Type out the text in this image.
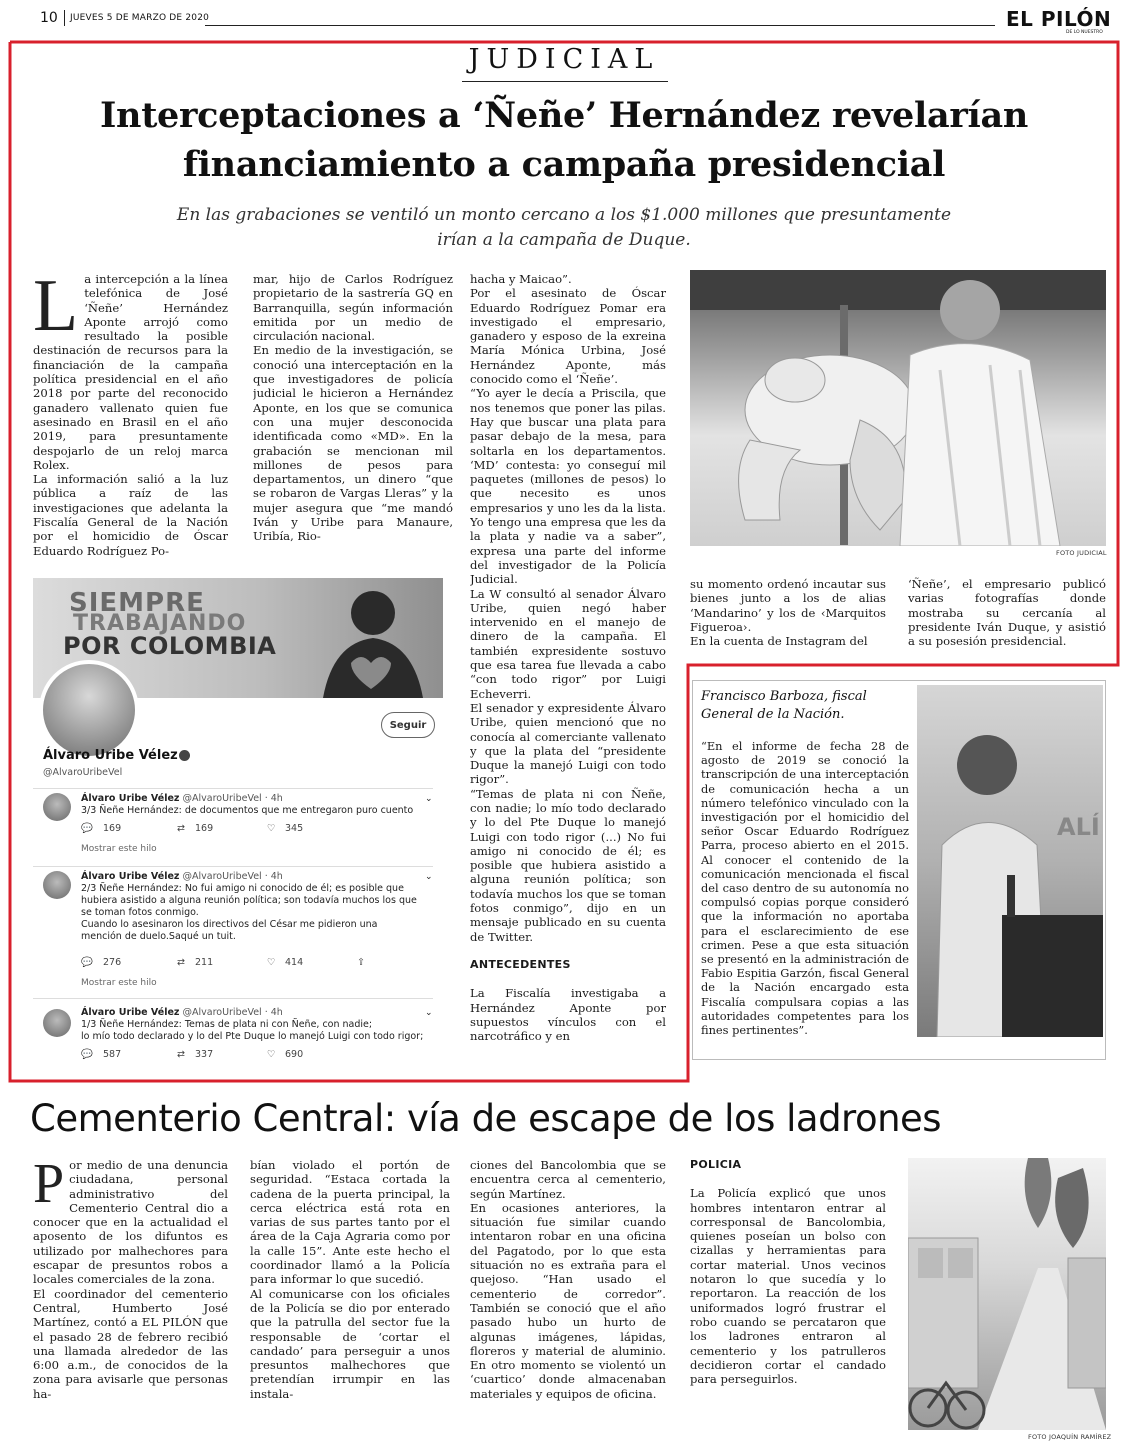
10 JUEVES 5 DE MARZO DE 2020	EL PILÓN
DE LO NUESTRO
JUDICIAL
Interceptaciones a ‘Ñeñe’ Hernández revelarían
financiamiento a campaña presidencial
En las grabaciones se ventiló un monto cercano a los $1.000 millones que presuntamente
irían a la campaña de Duque.
L a intercepción a la línea telefónica de José ‘Ñeñe’ Hernández Aponte arrojó como resultado la posible destinación de recursos para la financiación de la campaña política presidencial en el año 2018 por parte del reconocido ganadero vallenato quien fue asesinado en Brasil en el año 2019, para presuntamente despojarlo de un reloj marca Rolex.

La información salió a la luz pública a raíz de las investigaciones que adelanta la Fiscalía General de la Nación por el homicidio de Óscar Eduardo Rodríguez Po-

mar, hijo de Carlos Rodríguez propietario de la sastrería GQ en Barranquilla, según información emitida por un medio de circulación nacional.

En medio de la investigación, se conoció una interceptación en la que investigadores de policía judicial le hicieron a Hernández Aponte, en los que se comunica con una mujer desconocida identificada como «MD». En la grabación se mencionan mil millones de pesos para departamentos, un dinero “que se robaron de Vargas Lleras” y la mujer asegura que “me mandó Iván y Uribe para Manaure, Uribía, Rio-

hacha y Maicao”.

Por el asesinato de Óscar Eduardo Rodríguez Pomar era investigado el empresario, ganadero y esposo de la exreina María Mónica Urbina, José Hernández Aponte, más conocido como el ‘Ñeñe’.

“Yo ayer le decía a Priscila, que nos tenemos que poner las pilas. Hay que buscar una plata para pasar debajo de la mesa, para soltarla en los departamentos. ‘MD’ contesta: yo conseguí mil paquetes (millones de pesos) lo que necesito es unos empresarios y uno les da la lista. Yo tengo una empresa que les da la plata y nadie va a saber”, expresa una parte del informe del investigador de la Policía Judicial.

La W consultó al senador Álvaro Uribe, quien negó haber intervenido en el manejo de dinero de la campaña. El también expresidente sostuvo que esa tarea fue llevada a cabo “con todo rigor” por Luigi Echeverri.

El senador y expresidente Álvaro Uribe, quien mencionó que no conocía al comerciante vallenato y que la plata del “presidente Duque la manejó Luigi con todo rigor”.

“Temas de plata ni con Ñeñe, con nadie; lo mío todo declarado y lo del Pte Duque lo manejó Luigi con todo rigor (...) No fui amigo ni conocido de él; es posible que hubiera asistido a alguna reunión política; son todavía muchos los que se toman fotos conmigo”, dijo en un mensaje publicado en su cuenta de Twitter.

ANTECEDENTES

La Fiscalía investigaba a Hernández Aponte por supuestos vínculos con el narcotráfico y en

FOTO JUDICIAL

su momento ordenó incautar sus bienes junto a los de alias ‘Mandarino’ y los de ‹Marquitos Figueroa›.

En la cuenta de Instagram del

‘Ñeñe’, el empresario publicó varias fotografías donde mostraba su cercanía al presidente Iván Duque, y asistió a su posesión presidencial.

SIEMPRE
TRABAJANDO
POR COLOMBIA
Seguir
Álvaro Uribe Vélez
@AlvaroUribeVel
Álvaro Uribe Vélez @AlvaroUribeVel · 4h
3/3 Ñeñe Hernández: de documentos que me entregaron puro cuento
💬 169	⇄ 169	♡ 345
Mostrar este hilo
⌄
Álvaro Uribe Vélez @AlvaroUribeVel · 4h
2/3 Ñeñe Hernández: No fui amigo ni conocido de él; es posible que hubiera asistido a alguna reunión política; son todavía muchos los que se toman fotos conmigo.
Cuando lo asesinaron los directivos del César me pidieron una mención de duelo.Saqué un tuit.
💬 276	⇄ 211	♡ 414	⇪
Mostrar este hilo
⌄
Álvaro Uribe Vélez @AlvaroUribeVel · 4h
1/3 Ñeñe Hernández: Temas de plata ni con Ñeñe, con nadie;
lo mío todo declarado y lo del Pte Duque lo manejó Luigi con todo rigor;
💬 587	⇄ 337	♡ 690
⌄
Francisco Barboza, fiscal
General de la Nación.
“En el informe de fecha 28 de agosto de 2019 se conoció la transcripción de una interceptación de comunicación hecha a un número telefónico vinculado con la investigación por el homicidio del señor Oscar Eduardo Rodríguez Parra, proceso abierto en el 2015. Al conocer el contenido de la comunicación mencionada el fiscal del caso dentro de su autonomía no compulsó copias porque consideró que la información no aportaba para el esclarecimiento de ese crimen. Pese a que esta situación se presentó en la administración de Fabio Espitia Garzón, fiscal General de la Nación encargado esta Fiscalía compulsara copias a las autoridades competentes para los fines pertinentes”.
ALÍ
Cementerio Central: vía de escape de los ladrones
P or medio de una denuncia ciudadana, personal administrativo del Cementerio Central dio a conocer que en la actualidad el aposento de los difuntos es utilizado por malhechores para escapar de presuntos robos a locales comerciales de la zona.

El coordinador del cementerio Central, Humberto José Martínez, contó a EL PILÓN que el pasado 28 de febrero recibió una llamada alrededor de las 6:00 a.m., de conocidos de la zona para avisarle que personas ha-

bían violado el portón de seguridad. “Estaca cortada la cadena de la puerta principal, la cerca eléctrica está rota en varias de sus partes tanto por el área de la Caja Agraria como por la calle 15”. Ante este hecho el coordinador llamó a la Policía para informar lo que sucedió.

Al comunicarse con los oficiales de la Policía se dio por enterado que la patrulla del sector fue la responsable de ‘cortar el candado’ para perseguir a unos presuntos malhechores que pretendían irrumpir en las instala-

ciones del Bancolombia que se encuentra cerca al cementerio, según Martínez.

En ocasiones anteriores, la situación fue similar cuando intentaron robar en una oficina del Pagatodo, por lo que esta situación no es extraña para el quejoso. “Han usado el cementerio de corredor”. También se conoció que el año pasado hubo un hurto de algunas imágenes, lápidas, floreros y material de aluminio. En otro momento se violentó un ‘cuartico’ donde almacenaban materiales y equipos de oficina.

POLICIA

La Policía explicó que unos hombres intentaron entrar al corresponsal de Bancolombia, quienes poseían un bolso con cizallas y herramientas para cortar material. Unos vecinos notaron lo que sucedía y lo reportaron. La reacción de los uniformados logró frustrar el robo cuando se percataron que los ladrones entraron al cementerio y los patrulleros decidieron cortar el candado para perseguirlos.

FOTO JOAQUÍN RAMÍREZ
